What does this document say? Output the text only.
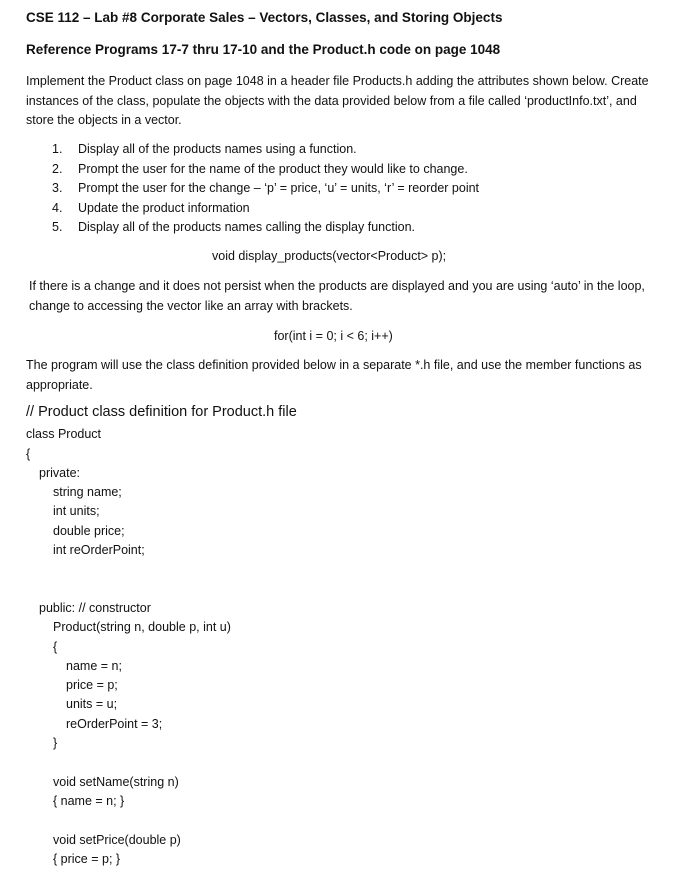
CSE 112 – Lab #8 Corporate Sales – Vectors, Classes, and Storing Objects
Reference Programs 17-7 thru 17-10 and the Product.h code on page 1048
Implement the Product class on page 1048 in a header file Products.h adding the attributes shown below. Create instances of the class, populate the objects with the data provided below from a file called ‘productInfo.txt’, and store the objects in a vector.
1. Display all of the products names using a function.
2. Prompt the user for the name of the product they would like to change.
3. Prompt the user for the change – ‘p’ = price, ‘u’ = units, ‘r’ = reorder point
4. Update the product information
5. Display all of the products names calling the display function.
void display_products(vector<Product> p);
If there is a change and it does not persist when the products are displayed and you are using ‘auto’ in the loop, change to accessing the vector like an array with brackets.
for(int i = 0; i < 6; i++)
The program will use the class definition provided below in a separate *.h file, and use the member functions as appropriate.
// Product class definition for Product.h file
class Product
{
private:
string name;
int units;
double price;
int reOrderPoint;
public: // constructor
Product(string n, double p, int u)
{
name = n;
price = p;
units = u;
reOrderPoint = 3;
}
void setName(string n)
{ name = n; }
void setPrice(double p)
{ price = p; }
